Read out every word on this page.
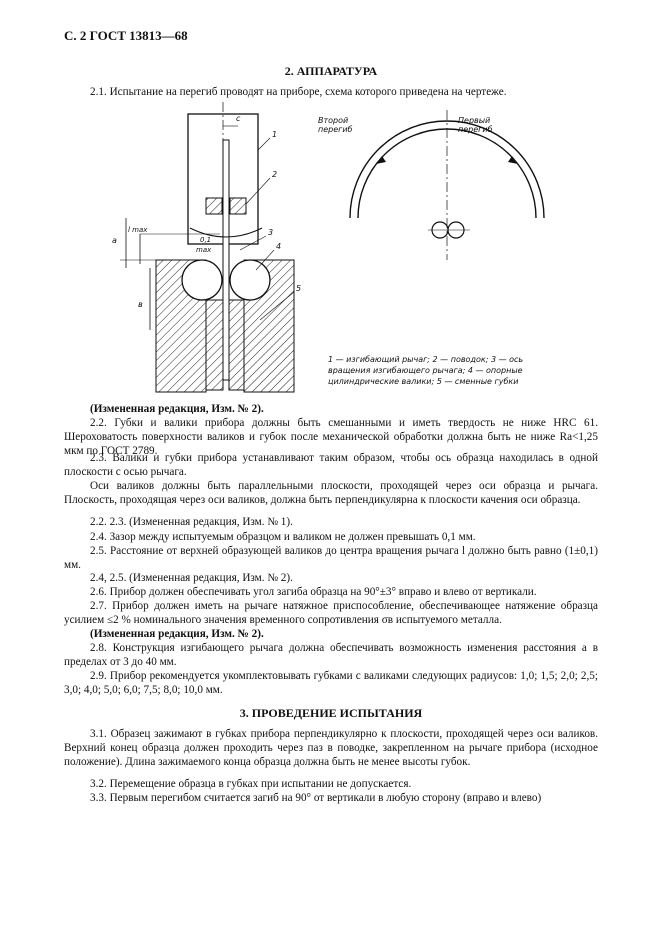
С. 2 ГОСТ 13813—68
2. АППАРАТУРА

2.1. Испытание на перегиб проводят на приборе, схема которого приведена на чертеже.

Второй
перегиб
Первый
перегиб
c
1
2
3
4
5
a
l max
в
0,1
max
1 — изгибающий рычаг; 2 — поводок; 3 — ось вращения изгибающего рычага; 4 — опорные цилиндрические валики; 5 — сменные губки

(Измененная редакция, Изм. № 2).

2.2. Губки и валики прибора должны быть смешанными и иметь твердость не ниже HRC 61. Шероховатость поверхности валиков и губок после механической обработки должна быть не ниже Ra<1,25 мкм по ГОСТ 2789.

2.3. Валики и губки прибора устанавливают таким образом, чтобы ось образца находилась в одной плоскости с осью рычага.

Оси валиков должны быть параллельными плоскости, проходящей через оси образца и рычага. Плоскость, проходящая через оси валиков, должна быть перпендикулярна к плоскости качения оси образца.

2.2. 2.3. (Измененная редакция, Изм. № 1).

2.4. Зазор между испытуемым образцом и валиком не должен превышать 0,1 мм.

2.5. Расстояние от верхней образующей валиков до центра вращения рычага l должно быть равно (1±0,1) мм.

2.4, 2.5. (Измененная редакция, Изм. № 2).

2.6. Прибор должен обеспечивать угол загиба образца на 90°±3° вправо и влево от вертикали.

2.7. Прибор должен иметь на рычаге натяжное приспособление, обеспечивающее натяжение образца усилием ≤2 % номинального значения временного сопротивления σв испытуемого металла.

(Измененная редакция, Изм. № 2).

2.8. Конструкция изгибающего рычага должна обеспечивать возможность изменения расстояния a в пределах от 3 до 40 мм.

2.9. Прибор рекомендуется укомплектовывать губками с валиками следующих радиусов: 1,0; 1,5; 2,0; 2,5; 3,0; 4,0; 5,0; 6,0; 7,5; 8,0; 10,0 мм.

3. ПРОВЕДЕНИЕ ИСПЫТАНИЯ

3.1. Образец зажимают в губках прибора перпендикулярно к плоскости, проходящей через оси валиков. Верхний конец образца должен проходить через паз в поводке, закрепленном на рычаге прибора (исходное положение). Длина зажимаемого конца образца должна быть не менее высоты губок.

3.2. Перемещение образца в губках при испытании не допускается.

3.3. Первым перегибом считается загиб на 90° от вертикали в любую сторону (вправо и влево)
